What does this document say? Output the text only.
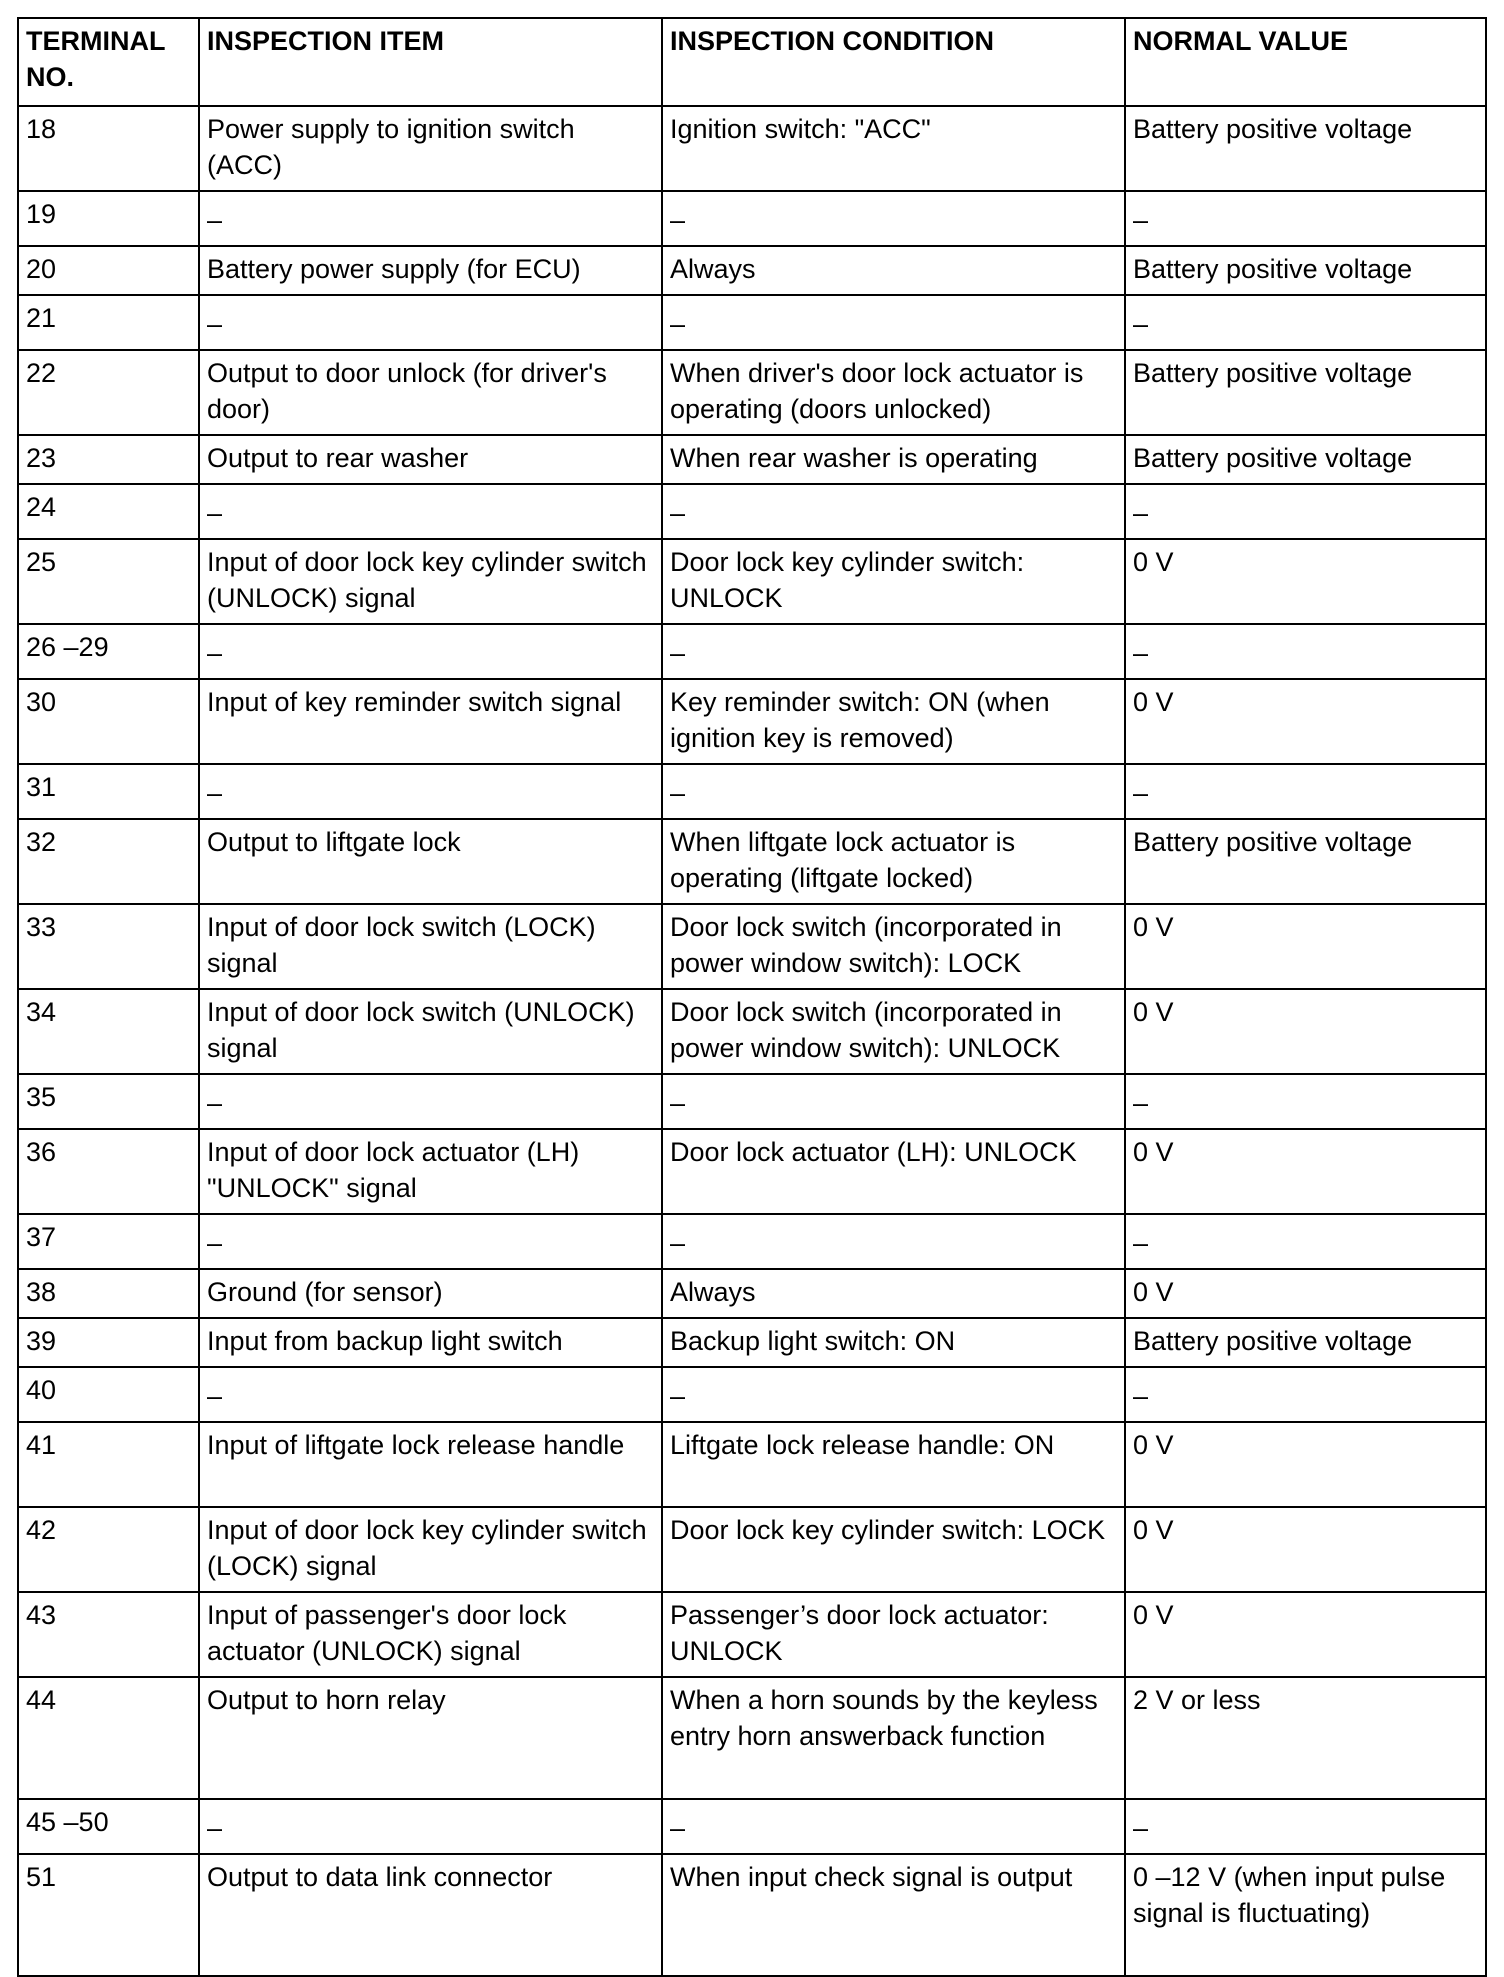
TERMINAL NO.	INSPECTION ITEM	INSPECTION CONDITION	NORMAL VALUE
18	Power supply to ignition switch (ACC)	Ignition switch: "ACC"	Battery positive voltage
19	–	–	–
20	Battery power supply (for ECU)	Always	Battery positive voltage
21	–	–	–
22	Output to door unlock (for driver's door)	When driver's door lock actuator is operating (doors unlocked)	Battery positive voltage
23	Output to rear washer	When rear washer is operating	Battery positive voltage
24	–	–	–
25	Input of door lock key cylinder switch (UNLOCK) signal	Door lock key cylinder switch: UNLOCK	0 V
26 –29	–	–	–
30	Input of key reminder switch signal	Key reminder switch: ON (when ignition key is removed)	0 V
31	–	–	–
32	Output to liftgate lock	When liftgate lock actuator is operating (liftgate locked)	Battery positive voltage
33	Input of door lock switch (LOCK) signal	Door lock switch (incorporated in power window switch): LOCK	0 V
34	Input of door lock switch (UNLOCK) signal	Door lock switch (incorporated in power window switch): UNLOCK	0 V
35	–	–	–
36	Input of door lock actuator (LH) "UNLOCK" signal	Door lock actuator (LH): UNLOCK	0 V
37	–	–	–
38	Ground (for sensor)	Always	0 V
39	Input from backup light switch	Backup light switch: ON	Battery positive voltage
40	–	–	–
41	Input of liftgate lock release handle	Liftgate lock release handle: ON	0 V
42	Input of door lock key cylinder switch (LOCK) signal	Door lock key cylinder switch: LOCK	0 V
43	Input of passenger's door lock actuator (UNLOCK) signal	Passenger’s door lock actuator: UNLOCK	0 V
44	Output to horn relay	When a horn sounds by the keyless entry horn answerback function	2 V or less
45 –50	–	–	–
51	Output to data link connector	When input check signal is output	0 –12 V (when input pulse signal is fluctuating)
